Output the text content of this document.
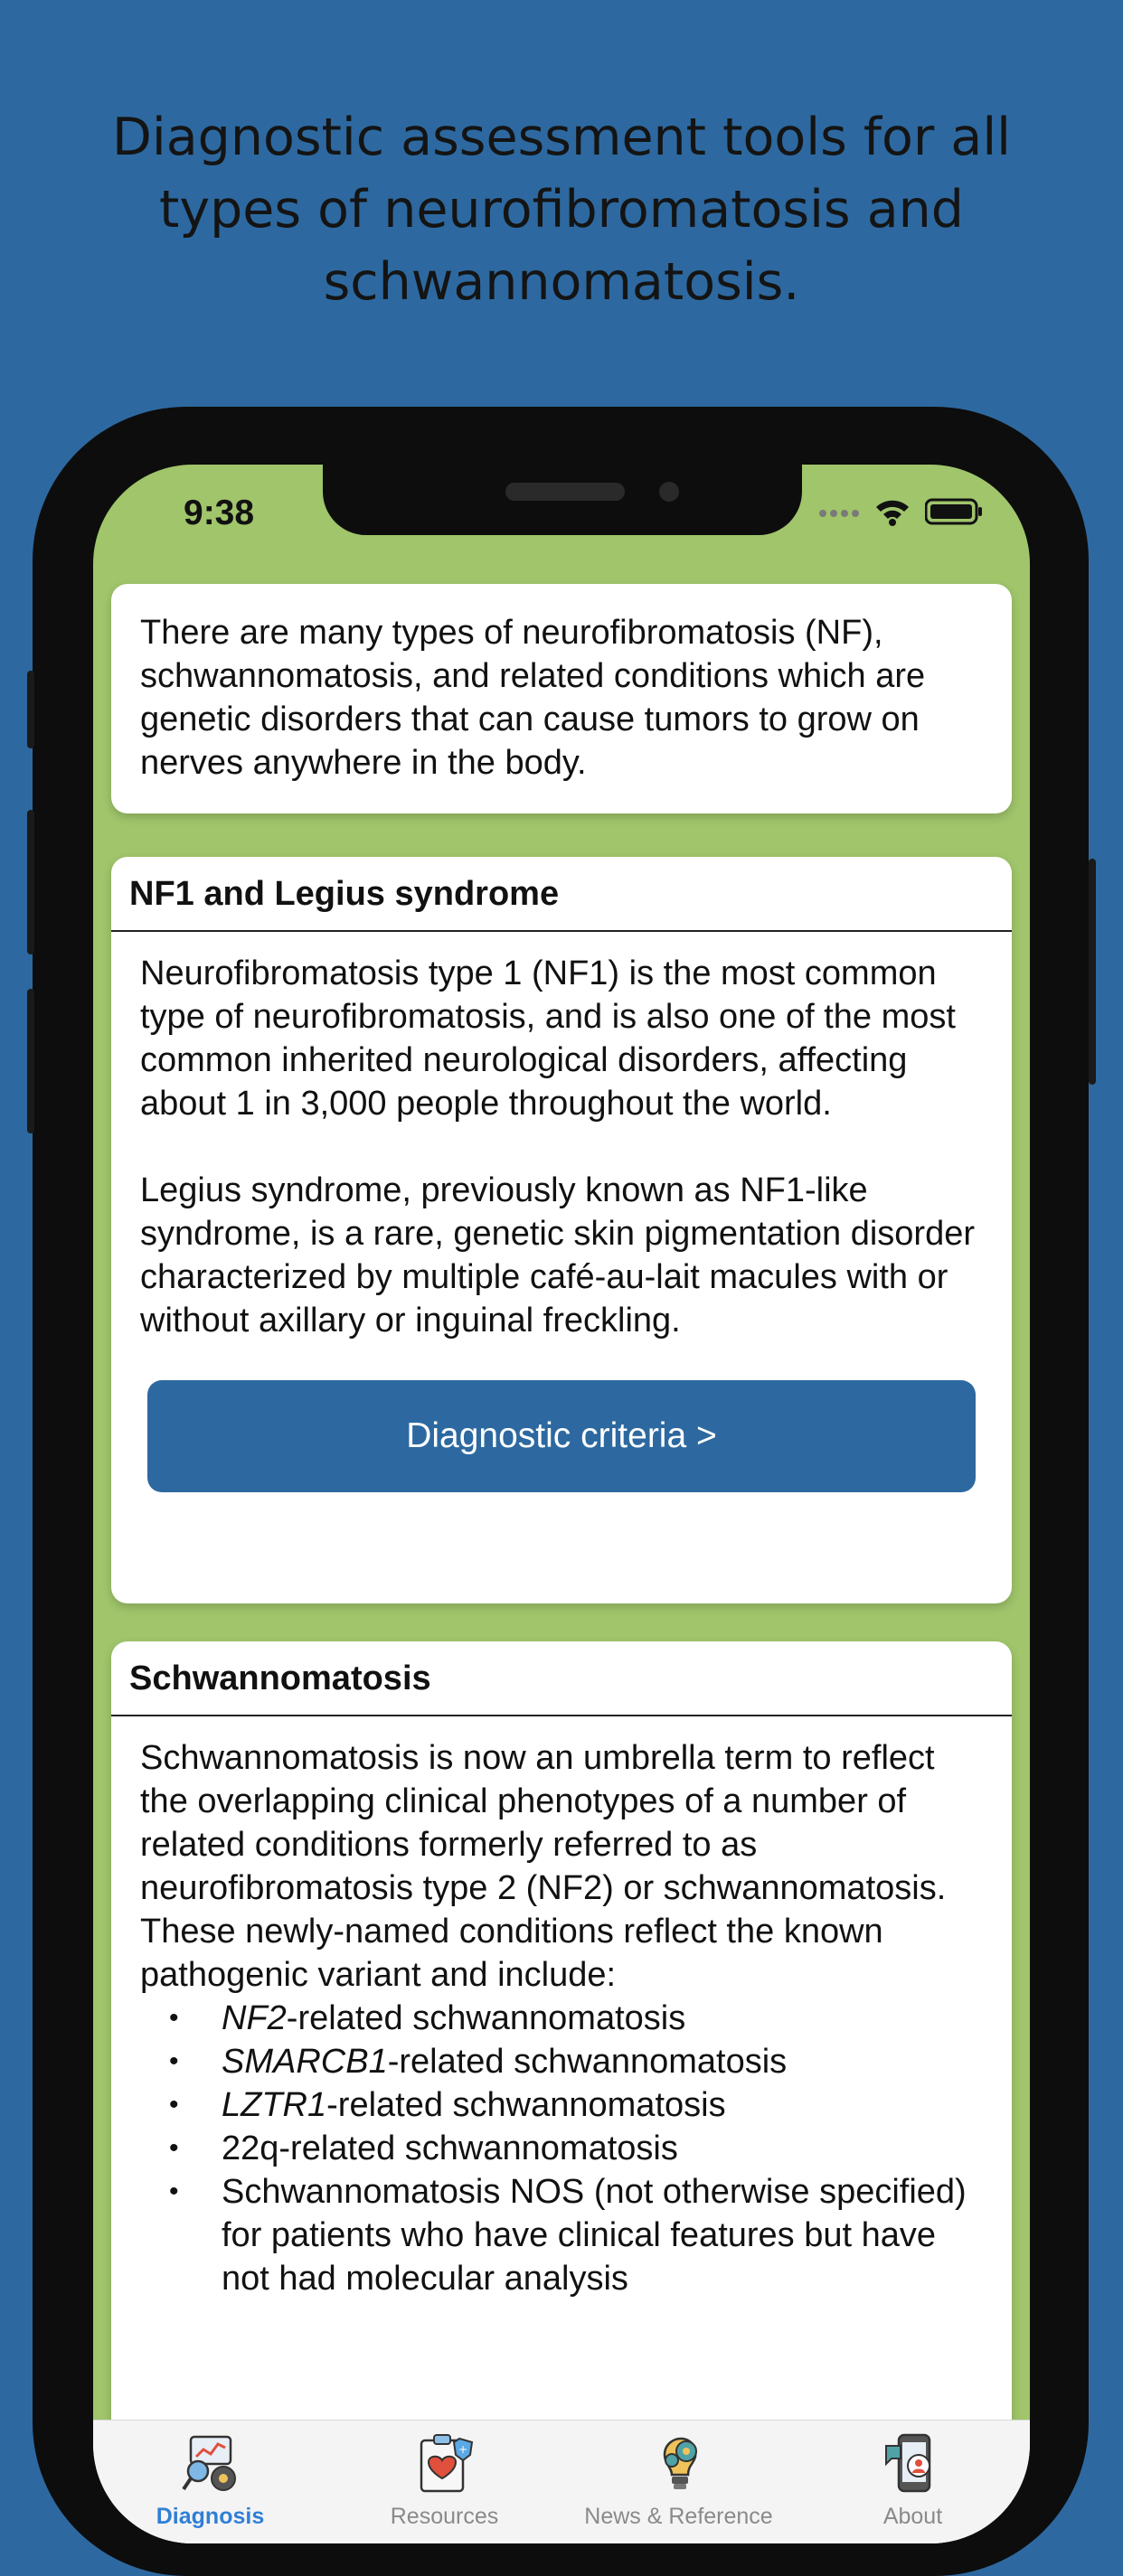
Diagnostic assessment tools for all types of neurofibromatosis and schwannomatosis.
9:38

There are many types of neurofibromatosis (NF), schwannomatosis, and related conditions which are genetic disorders that can cause tumors to grow on nerves anywhere in the body.

NF1 and Legius syndrome

Neurofibromatosis type 1 (NF1) is the most common type of neurofibromatosis, and is also one of the most common inherited neurological disorders, affecting about 1 in 3,000 people throughout the world.

Legius syndrome, previously known as NF1-like syndrome, is a rare, genetic skin pigmentation disorder characterized by multiple café-au-lait macules with or without axillary or inguinal freckling.

Diagnostic criteria >
Schwannomatosis

Schwannomatosis is now an umbrella term to reflect the overlapping clinical phenotypes of a number of related conditions formerly referred to as neurofibromatosis type 2 (NF2) or schwannomatosis. These newly-named conditions reflect the known pathogenic variant and include:

• NF2-related schwannomatosis
• SMARCB1-related schwannomatosis
• LZTR1-related schwannomatosis
• 22q-related schwannomatosis
• Schwannomatosis NOS (not otherwise specified) for patients who have clinical features but have not had molecular analysis
Diagnosis
+
Resources	News & Reference	About
